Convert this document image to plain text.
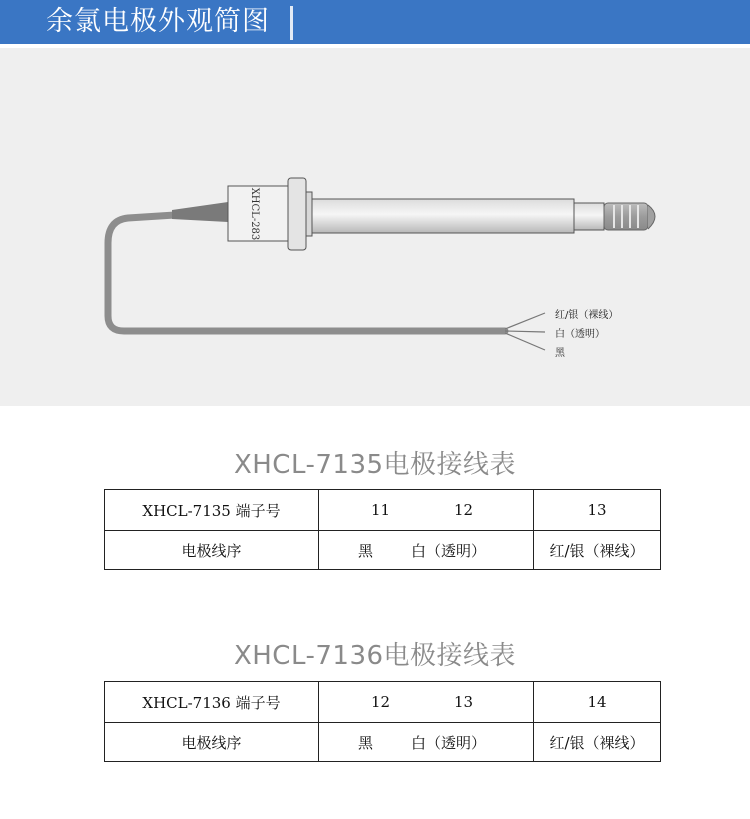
余氯电极外观简图
XHCL-283
红/银（裸线）
白（透明）
黑
XHCL-7135电极接线表
XHCL-7135 端子号	11 12	13
电极线序	黑 白（透明）	红/银（裸线）
XHCL-7136电极接线表
XHCL-7136 端子号	12 13	14
电极线序	黑 白（透明）	红/银（裸线）
